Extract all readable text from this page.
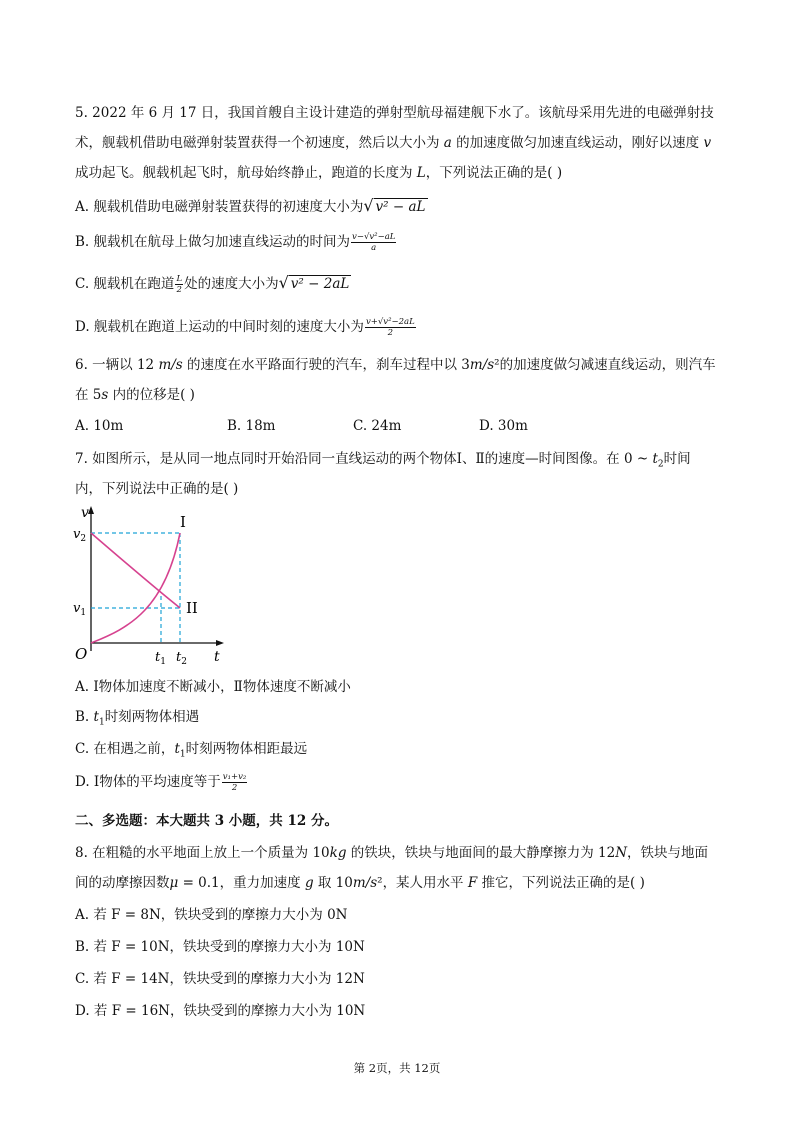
5. 2022 年 6 月 17 日，我国首艘自主设计建造的弹射型航母福建舰下水了。该航母采用先进的电磁弹射技
术，舰载机借助电磁弹射装置获得一个初速度，然后以大小为 a 的加速度做匀加速直线运动，刚好以速度 v
成功起飞。舰载机起飞时，航母始终静止，跑道的长度为 L，下列说法正确的是( )
A. 舰载机借助电磁弹射装置获得的初速度大小为√ v² − aL
B. 舰载机在航母上做匀加速直线运动的时间为 $\frac{\text{v−√v²−aL}}{a}$
C. 舰载机在跑道 $\frac{L}{2}$ 处的速度大小为√ v² − 2aL
D. 舰载机在跑道上运动的中间时刻的速度大小为 $\frac{\text{v+√v²−2aL}}{2}$
6. 一辆以 12 m/s 的速度在水平路面行驶的汽车，刹车过程中以 3m/s²的加速度做匀减速直线运动，则汽车
在 5s 内的位移是( )
A. 10m	B. 18m	C. 24m	D. 30m
7. 如图所示，是从同一地点同时开始沿同一直线运动的两个物体Ⅰ、Ⅱ的速度—时间图像。在 0 ~ $t_2$时间
内，下列说法中正确的是( )
v
t
O
$v_2$
$v_1$
$t_1$ $t_2$
I
II
A. Ⅰ物体加速度不断减小，Ⅱ物体速度不断减小
B. $t_1$时刻两物体相遇
C. 在相遇之前，$t_1$时刻两物体相距最远
D. Ⅰ物体的平均速度等于 $\frac{\text{v₁+v₂}}{2}$
二、多选题：本大题共 3 小题，共 12 分。
8. 在粗糙的水平地面上放上一个质量为 10kg 的铁块，铁块与地面间的最大静摩擦力为 12N，铁块与地面
间的动摩擦因数μ = 0.1，重力加速度 g 取 10m/s²，某人用水平 F 推它，下列说法正确的是( )
A. 若 F = 8N，铁块受到的摩擦力大小为 0N
B. 若 F = 10N，铁块受到的摩擦力大小为 10N
C. 若 F = 14N，铁块受到的摩擦力大小为 12N
D. 若 F = 16N，铁块受到的摩擦力大小为 10N
第 2页，共 12页
